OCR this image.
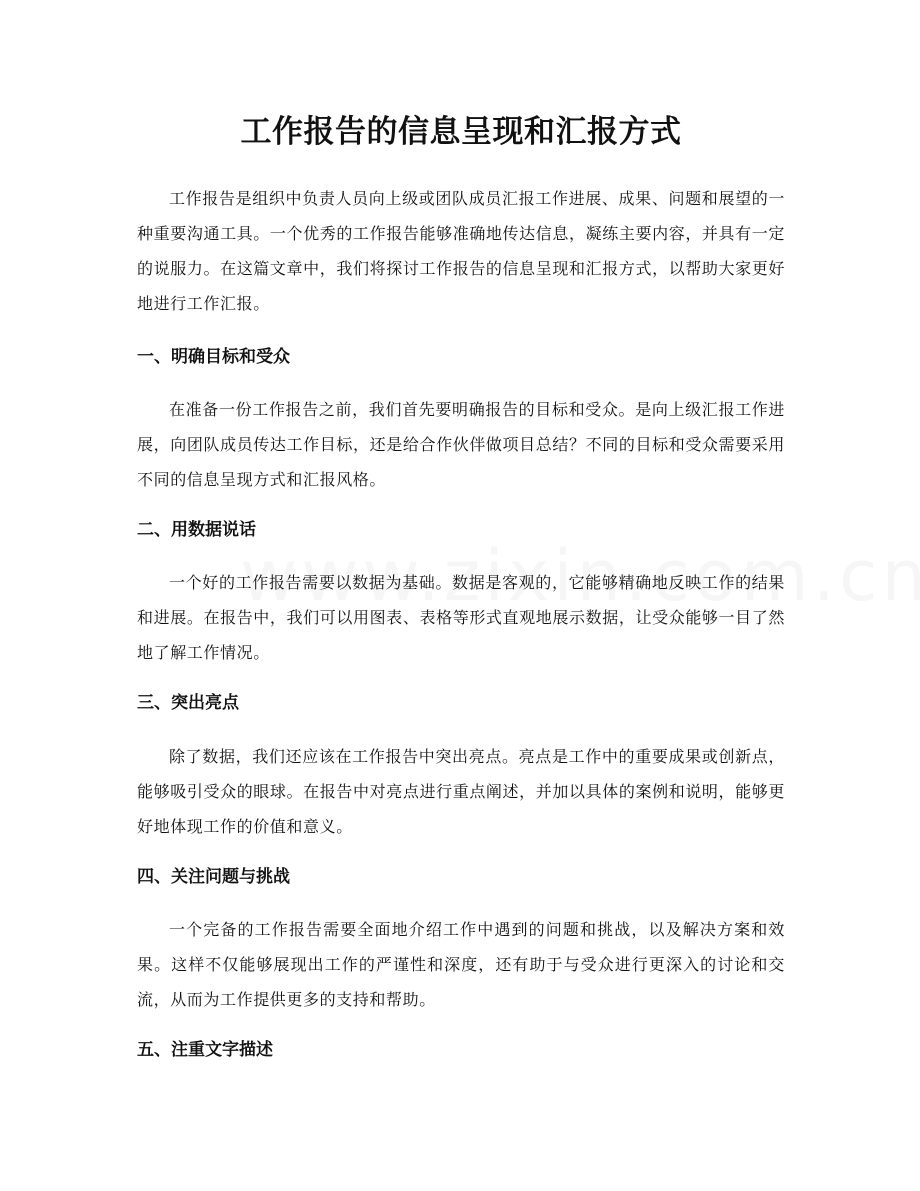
工作报告的信息呈现和汇报方式

工作报告是组织中负责人员向上级或团队成员汇报工作进展、成果、问题和展望的一种重要沟通工具。一个优秀的工作报告能够准确地传达信息，凝练主要内容，并具有一定的说服力。在这篇文章中，我们将探讨工作报告的信息呈现和汇报方式，以帮助大家更好地进行工作汇报。

一、明确目标和受众

在准备一份工作报告之前，我们首先要明确报告的目标和受众。是向上级汇报工作进展，向团队成员传达工作目标，还是给合作伙伴做项目总结？不同的目标和受众需要采用不同的信息呈现方式和汇报风格。

二、用数据说话

一个好的工作报告需要以数据为基础。数据是客观的，它能够精确地反映工作的结果和进展。在报告中，我们可以用图表、表格等形式直观地展示数据，让受众能够一目了然地了解工作情况。

三、突出亮点

除了数据，我们还应该在工作报告中突出亮点。亮点是工作中的重要成果或创新点，能够吸引受众的眼球。在报告中对亮点进行重点阐述，并加以具体的案例和说明，能够更好地体现工作的价值和意义。

四、关注问题与挑战

一个完备的工作报告需要全面地介绍工作中遇到的问题和挑战，以及解决方案和效果。这样不仅能够展现出工作的严谨性和深度，还有助于与受众进行更深入的讨论和交流，从而为工作提供更多的支持和帮助。

五、注重文字描述
